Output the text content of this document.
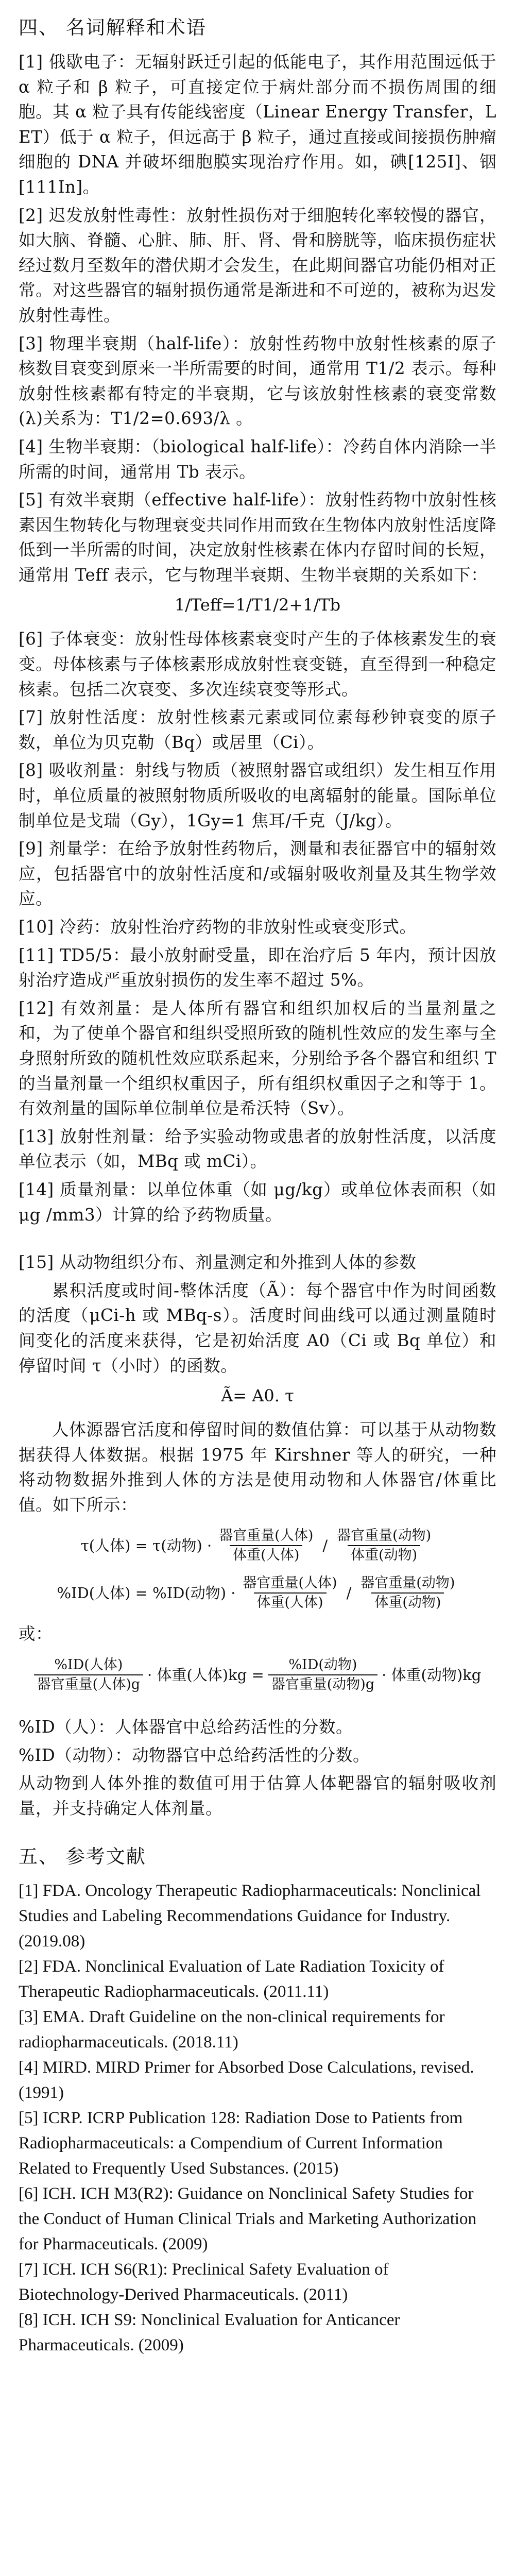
四、 名词解释和术语
[1] 俄歇电子：无辐射跃迁引起的低能电子，其作用范围远低于 α 粒子和 β 粒子，可直接定位于病灶部分而不损伤周围的细胞。其 α 粒子具有传能线密度（Linear Energy Transfer，LET）低于 α 粒子，但远高于 β 粒子，通过直接或间接损伤肿瘤细胞的 DNA 并破坏细胞膜实现治疗作用。如，碘[125I]、铟[111In]。
[2] 迟发放射性毒性：放射性损伤对于细胞转化率较慢的器官，如大脑、脊髓、心脏、肺、肝、肾、骨和膀胱等，临床损伤症状经过数月至数年的潜伏期才会发生，在此期间器官功能仍相对正常。对这些器官的辐射损伤通常是渐进和不可逆的，被称为迟发放射性毒性。
[3] 物理半衰期（half-life）：放射性药物中放射性核素的原子核数目衰变到原来一半所需要的时间，通常用 T1/2 表示。每种放射性核素都有特定的半衰期，它与该放射性核素的衰变常数(λ)关系为：T1/2=0.693/λ 。
[4] 生物半衰期：（biological half-life）：冷药自体内消除一半所需的时间，通常用 Tb 表示。
[5] 有效半衰期（effective half-life）：放射性药物中放射性核素因生物转化与物理衰变共同作用而致在生物体内放射性活度降低到一半所需的时间，决定放射性核素在体内存留时间的长短，通常用 Teff 表示，它与物理半衰期、生物半衰期的关系如下：
1/Teff=1/T1/2+1/Tb
[6] 子体衰变：放射性母体核素衰变时产生的子体核素发生的衰变。母体核素与子体核素形成放射性衰变链，直至得到一种稳定核素。包括二次衰变、多次连续衰变等形式。
[7] 放射性活度：放射性核素元素或同位素每秒钟衰变的原子数，单位为贝克勒（Bq）或居里（Ci）。
[8] 吸收剂量：射线与物质（被照射器官或组织）发生相互作用时，单位质量的被照射物质所吸收的电离辐射的能量。国际单位制单位是戈瑞（Gy），1Gy=1 焦耳/千克（J/kg）。
[9] 剂量学：在给予放射性药物后，测量和表征器官中的辐射效应，包括器官中的放射性活度和/或辐射吸收剂量及其生物学效应。
[10] 冷药：放射性治疗药物的非放射性或衰变形式。
[11] TD5/5：最小放射耐受量，即在治疗后 5 年内，预计因放射治疗造成严重放射损伤的发生率不超过 5%。
[12] 有效剂量：是人体所有器官和组织加权后的当量剂量之和，为了使单个器官和组织受照所致的随机性效应的发生率与全身照射所致的随机性效应联系起来，分别给予各个器官和组织 T 的当量剂量一个组织权重因子，所有组织权重因子之和等于 1。有效剂量的国际单位制单位是希沃特（Sv）。
[13] 放射性剂量：给予实验动物或患者的放射性活度，以活度单位表示（如，MBq 或 mCi）。
[14] 质量剂量：以单位体重（如 μg/kg）或单位体表面积（如 μg /mm3）计算的给予药物质量。
[15] 从动物组织分布、剂量测定和外推到人体的参数
累积活度或时间-整体活度（Ã）：每个器官中作为时间函数的活度（μCi-h 或 MBq-s）。活度时间曲线可以通过测量随时间变化的活度来获得，它是初始活度 A0（Ci 或 Bq 单位）和停留时间 τ（小时）的函数。
Ã= A0. τ
人体源器官活度和停留时间的数值估算：可以基于从动物数据获得人体数据。根据 1975 年 Kirshner 等人的研究，一种将动物数据外推到人体的方法是使用动物和人体器官/体重比值。如下所示：
τ(人体) = τ(动物) · $\frac{\text{器官重量(人体)}}{\text{体重(人体)}} / \frac{\text{器官重量(动物)}}{\text{体重(动物)}}$
%ID(人体) = %ID(动物) · $\frac{\text{器官重量(人体)}}{\text{体重(人体)}} / \frac{\text{器官重量(动物)}}{\text{体重(动物)}}$
或：
$\frac{\text{\%ID(人体)}}{\text{器官重量(人体)g}}$ · 体重(人体)$kg = \frac{\text{\%ID(动物)}}{\text{器官重量(动物)g}}$ · 体重(动物)kg
%ID（人）：人体器官中总给药活性的分数。
%ID（动物）：动物器官中总给药活性的分数。
从动物到人体外推的数值可用于估算人体靶器官的辐射吸收剂量，并支持确定人体剂量。
五、 参考文献
[1] FDA. Oncology Therapeutic Radiopharmaceuticals: Nonclinical Studies and Labeling Recommendations Guidance for Industry. (2019.08)
[2] FDA. Nonclinical Evaluation of Late Radiation Toxicity of Therapeutic Radiopharmaceuticals. (2011.11)
[3] EMA. Draft Guideline on the non-clinical requirements for radiopharmaceuticals. (2018.11)
[4] MIRD. MIRD Primer for Absorbed Dose Calculations, revised. (1991)
[5] ICRP. ICRP Publication 128: Radiation Dose to Patients from Radiopharmaceuticals: a Compendium of Current Information Related to Frequently Used Substances. (2015)
[6] ICH. ICH M3(R2): Guidance on Nonclinical Safety Studies for the Conduct of Human Clinical Trials and Marketing Authorization for Pharmaceuticals. (2009)
[7] ICH. ICH S6(R1): Preclinical Safety Evaluation of Biotechnology-Derived Pharmaceuticals. (2011)
[8] ICH. ICH S9: Nonclinical Evaluation for Anticancer Pharmaceuticals. (2009)
